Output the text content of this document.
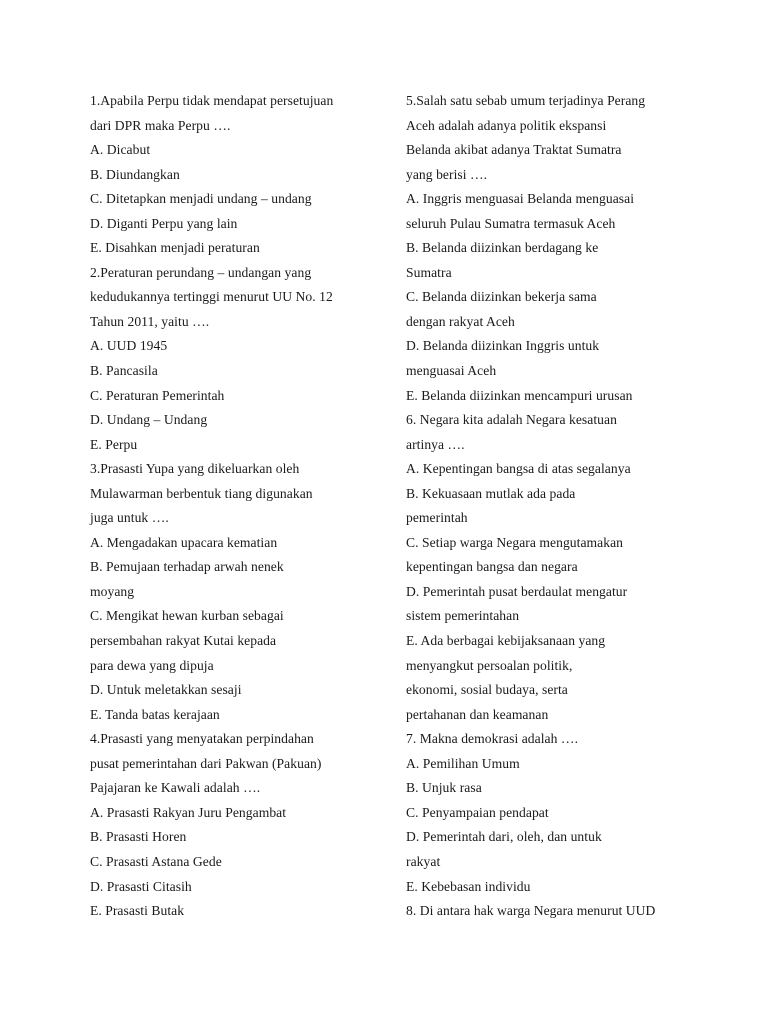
1.Apabila Perpu tidak mendapat persetujuan
dari DPR maka Perpu ….
A. Dicabut
B. Diundangkan
C. Ditetapkan menjadi undang – undang
D. Diganti Perpu yang lain
E. Disahkan menjadi peraturan
2.Peraturan perundang – undangan yang
kedudukannya tertinggi menurut UU No. 12
Tahun 2011, yaitu ….
A. UUD 1945
B. Pancasila
C. Peraturan Pemerintah
D. Undang – Undang
E. Perpu
3.Prasasti Yupa yang dikeluarkan oleh
Mulawarman berbentuk tiang digunakan
juga untuk ….
A. Mengadakan upacara kematian
B. Pemujaan terhadap arwah nenek
moyang
C. Mengikat hewan kurban sebagai
persembahan rakyat Kutai kepada
para dewa yang dipuja
D. Untuk meletakkan sesaji
E. Tanda batas kerajaan
4.Prasasti yang menyatakan perpindahan
pusat pemerintahan dari Pakwan (Pakuan)
Pajajaran ke Kawali adalah ….
A. Prasasti Rakyan Juru Pengambat
B. Prasasti Horen
C. Prasasti Astana Gede
D. Prasasti Citasih
E. Prasasti Butak
5.Salah satu sebab umum terjadinya Perang
Aceh adalah adanya politik ekspansi
Belanda akibat adanya Traktat Sumatra
yang berisi ….
A. Inggris menguasai Belanda menguasai
seluruh Pulau Sumatra termasuk Aceh
B. Belanda diizinkan berdagang ke
Sumatra
C. Belanda diizinkan bekerja sama
dengan rakyat Aceh
D. Belanda diizinkan Inggris untuk
menguasai Aceh
E. Belanda diizinkan mencampuri urusan
6. Negara kita adalah Negara kesatuan
artinya ….
A. Kepentingan bangsa di atas segalanya
B. Kekuasaan mutlak ada pada
pemerintah
C. Setiap warga Negara mengutamakan
kepentingan bangsa dan negara
D. Pemerintah pusat berdaulat mengatur
sistem pemerintahan
E. Ada berbagai kebijaksanaan yang
menyangkut persoalan politik,
ekonomi, sosial budaya, serta
pertahanan dan keamanan
7. Makna demokrasi adalah ….
A. Pemilihan Umum
B. Unjuk rasa
C. Penyampaian pendapat
D. Pemerintah dari, oleh, dan untuk
rakyat
E. Kebebasan individu
8. Di antara hak warga Negara menurut UUD
